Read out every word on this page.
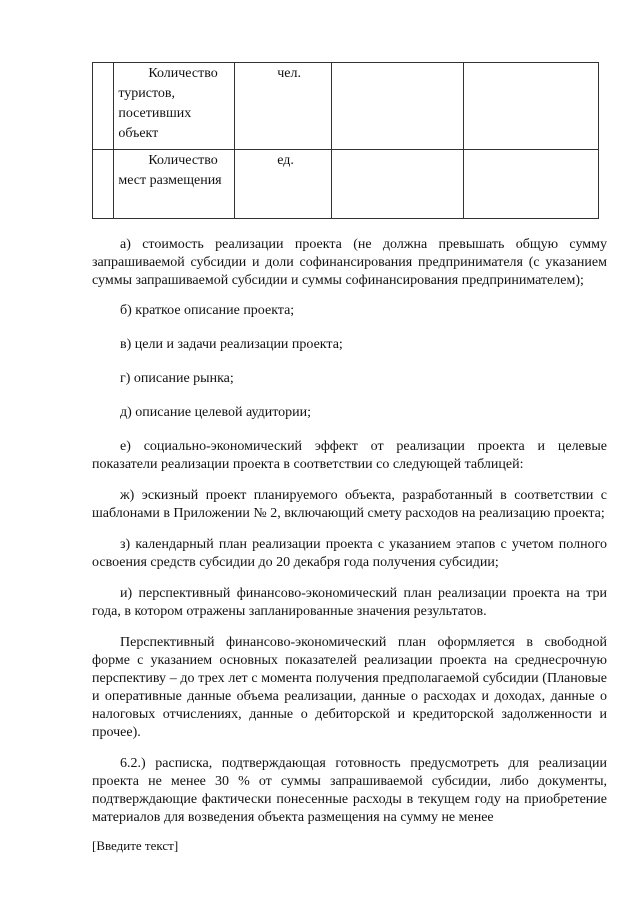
	Количество туристов, посетивших объект	чел.		

	Количество мест размещения	ед.		

а) стоимость реализации проекта (не должна превышать общую сумму запрашиваемой субсидии и доли софинансирования предпринимателя (с указанием суммы запрашиваемой субсидии и суммы софинансирования предпринимателем);

б) краткое описание проекта;

в) цели и задачи реализации проекта;

г) описание рынка;

д) описание целевой аудитории;

е) социально-экономический эффект от реализации проекта и целевые показатели реализации проекта в соответствии со следующей таблицей:

ж) эскизный проект планируемого объекта, разработанный в соответствии с шаблонами в Приложении № 2, включающий смету расходов на реализацию проекта;

з) календарный план реализации проекта с указанием этапов с учетом полного освоения средств субсидии до 20 декабря года получения субсидии;

и) перспективный финансово-экономический план реализации проекта на три года, в котором отражены запланированные значения результатов.

Перспективный финансово-экономический план оформляется в свободной форме с указанием основных показателей реализации проекта на среднесрочную перспективу – до трех лет с момента получения предполагаемой субсидии (Плановые и оперативные данные объема реализации, данные о расходах и доходах, данные о налоговых отчислениях, данные о дебиторской и кредиторской задолженности и прочее).

6.2.) расписка, подтверждающая готовность предусмотреть для реализации проекта не менее 30 % от суммы запрашиваемой субсидии, либо документы, подтверждающие фактически понесенные расходы в текущем году на приобретение материалов для возведения объекта размещения на сумму не менее

[Введите текст]
